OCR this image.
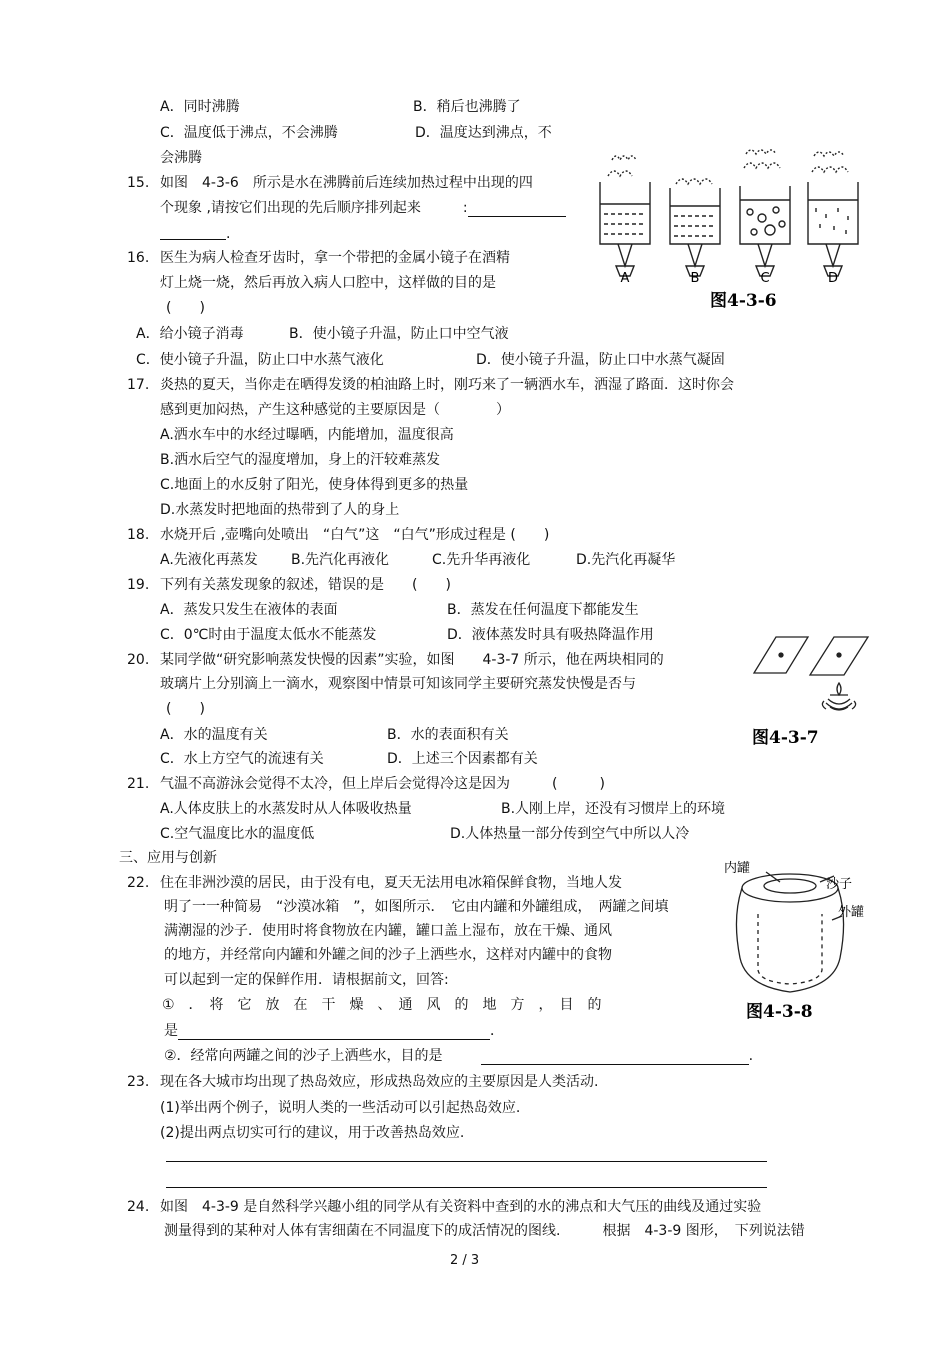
A．同时沸腾	B．稍后也沸腾了
C．温度低于沸点，不会沸腾	D．温度达到沸点，不
会沸腾
15. 如图　4-3-6　所示是水在沸腾前后连续加热过程中出现的四
个现象 ,请按它们出现的先后顺序排列起来　　　:
.
16. 医生为病人检查牙齿时，拿一个带把的金属小镜子在酒精
灯上烧一烧，然后再放入病人口腔中，这样做的目的是
(　　)
A．给小镜子消毒	B．使小镜子升温，防止口中空气液
C．使小镜子升温，防止口中水蒸气液化	D．使小镜子升温，防止口中水蒸气凝固
17. 炎热的夏天，当你走在晒得发烫的柏油路上时，刚巧来了一辆洒水车，洒湿了路面．这时你会
感到更加闷热，产生这种感觉的主要原因是（　　　　）
A.洒水车中的水经过曝晒，内能增加，温度很高
B.洒水后空气的湿度增加，身上的汗较难蒸发
C.地面上的水反射了阳光，使身体得到更多的热量
D.水蒸发时把地面的热带到了人的身上
18. 水烧开后 ,壶嘴向处喷出　“白气”这　“白气”形成过程是 (　　)
A.先液化再蒸发 B.先汽化再液化	C.先升华再液化	D.先汽化再凝华
19. 下列有关蒸发现象的叙述，错误的是　　(　　)
A．蒸发只发生在液体的表面	B．蒸发在任何温度下都能发生
C．0℃时由于温度太低水不能蒸发	D．液体蒸发时具有吸热降温作用
20. 某同学做“研究影响蒸发快慢的因素”实验，如图　　4-3-7 所示，他在两块相同的
玻璃片上分别滴上一滴水，观察图中情景可知该同学主要研究蒸发快慢是否与
(　　)
A．水的温度有关	B．水的表面积有关
C．水上方空气的流速有关	D．上述三个因素都有关
21. 气温不高游泳会觉得不太冷，但上岸后会觉得冷这是因为　　　(　　　)
A.人体皮肤上的水蒸发时从人体吸收热量	B.人刚上岸，还没有习惯岸上的环境
C.空气温度比水的温度低	D.人体热量一部分传到空气中所以人冷
三、应用与创新
22. 住在非洲沙漠的居民，由于没有电，夏天无法用电冰箱保鲜食物，当地人发
明了一一种简易　“沙漠冰箱　”，如图所示．　它由内罐和外罐组成，　两罐之间填
满潮湿的沙子．使用时将食物放在内罐，罐口盖上湿布，放在干燥、通风
的地方，并经常向内罐和外罐之间的沙子上洒些水，这样对内罐中的食物
可以起到一定的保鲜作用．请根据前文，回答:
①　．　将　它　放　在　干　燥　、　通　风　的　地　方　，　目　的
是	．
②．经常向两罐之间的沙子上洒些水，目的是	.
23. 现在各大城市均出现了热岛效应，形成热岛效应的主要原因是人类活动.
(1)举出两个例子，说明人类的一些活动可以引起热岛效应.
(2)提出两点切实可行的建议，用于改善热岛效应.
24. 如图　4-3-9 是自然科学兴趣小组的同学从有关资料中查到的水的沸点和大气压的曲线及通过实验
测量得到的某种对人体有害细菌在不同温度下的成活情况的图线.　　　根据　4-3-9 图形，　下列说法错
2 / 3
A	B	C	D
图4-3-6
图4-3-7
内罐
沙子
外罐
图4-3-8
